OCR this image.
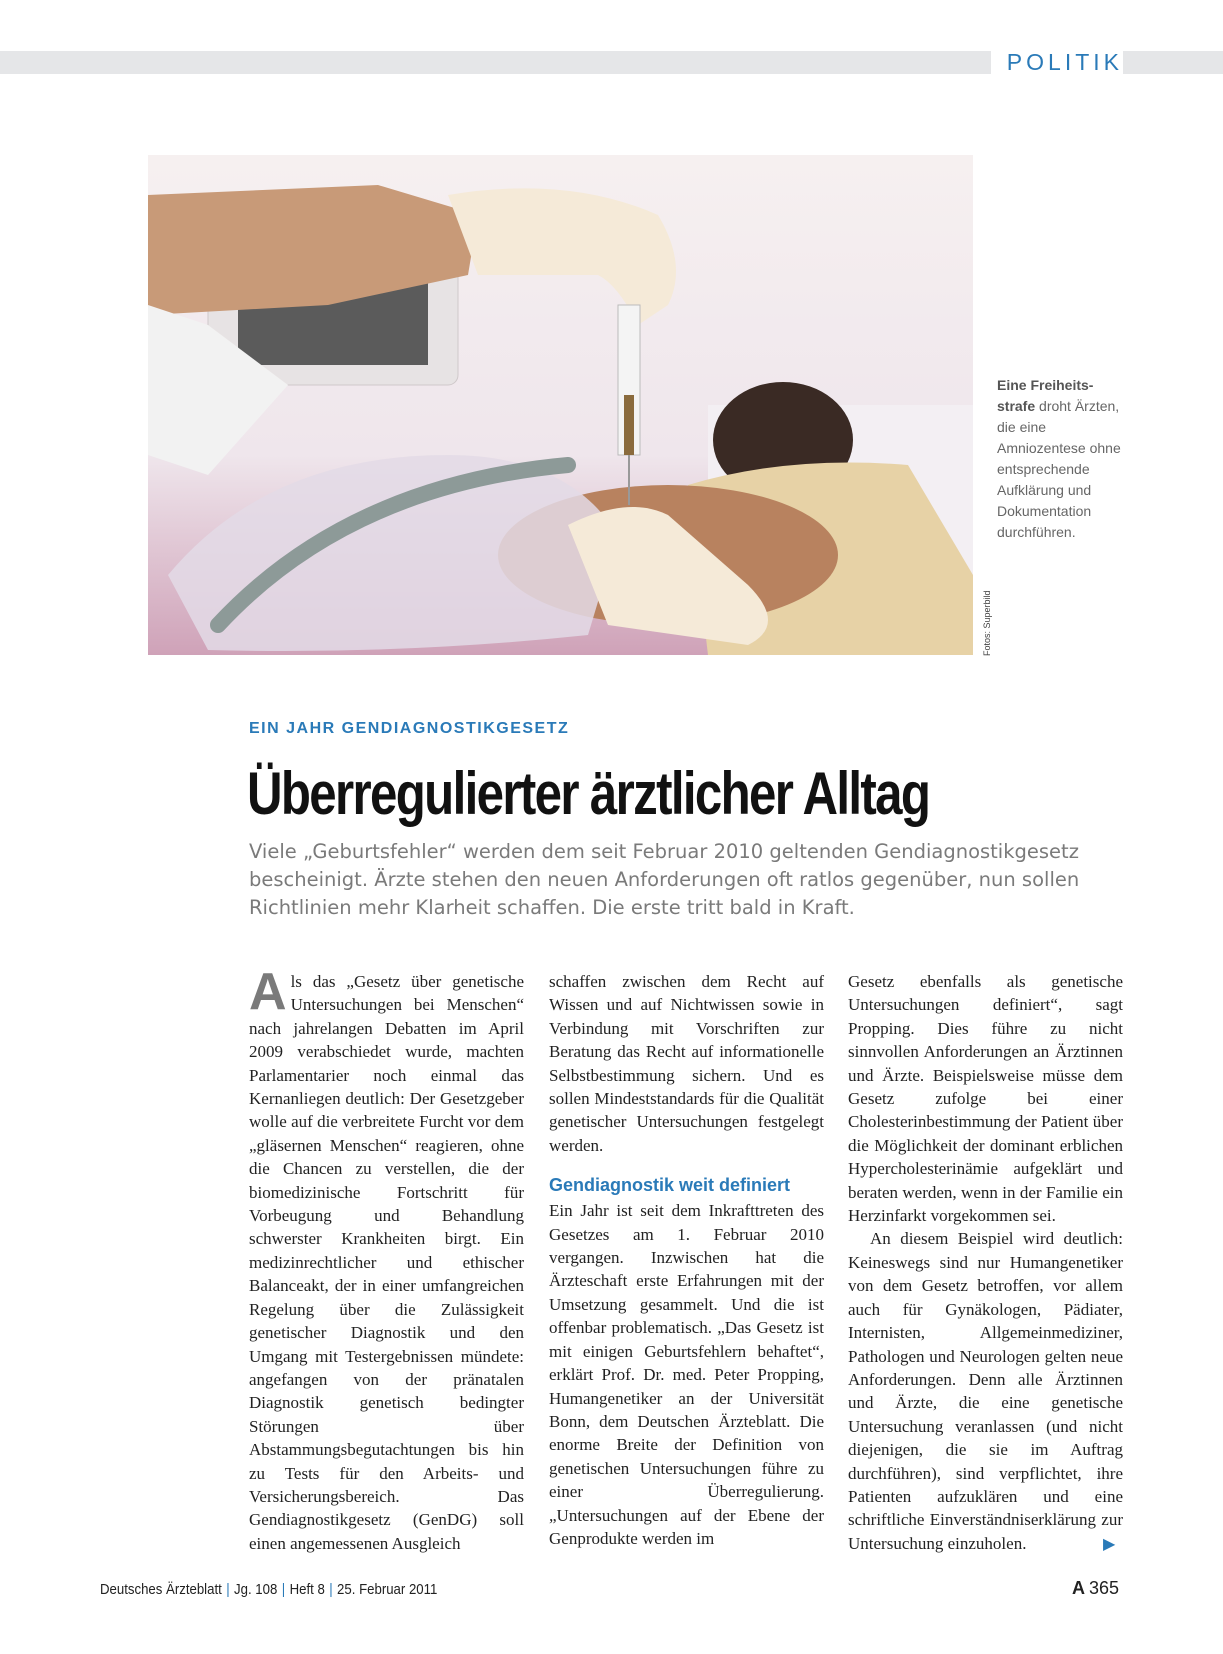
POLITIK
Eine Freiheits-strafe droht Ärzten, die eine Amniozentese ohne entsprechende Aufklärung und Dokumentation durchführen.
Fotos: Superbild
EIN JAHR GENDIAGNOSTIKGESETZ
Überregulierter ärztlicher Alltag
Viele „Geburtsfehler“ werden dem seit Februar 2010 geltenden Gendiagnostikgesetz bescheinigt. Ärzte stehen den neuen Anforderungen oft ratlos gegenüber, nun sollen Richtlinien mehr Klarheit schaffen. Die erste tritt bald in Kraft.

A ls das „Gesetz über genetische Untersuchungen bei Menschen“ nach jahrelangen Debatten im April 2009 verabschiedet wurde, machten Parlamentarier noch einmal das Kernanliegen deutlich: Der Gesetzgeber wolle auf die verbreitete Furcht vor dem „gläsernen Menschen“ reagieren, ohne die Chancen zu verstellen, die der biomedizinische Fortschritt für Vorbeugung und Behandlung schwerster Krankheiten birgt. Ein medizinrechtlicher und ethischer Balanceakt, der in einer umfangreichen Regelung über die Zulässigkeit genetischer Diagnostik und den Umgang mit Testergebnissen mündete: angefangen von der pränatalen Diagnostik genetisch bedingter Störungen über Abstammungsbegutachtungen bis hin zu Tests für den Arbeits- und Versicherungsbereich. Das Gendiagnostikgesetz (GenDG) soll einen angemessenen Ausgleich

schaffen zwischen dem Recht auf Wissen und auf Nichtwissen sowie in Verbindung mit Vorschriften zur Beratung das Recht auf informationelle Selbstbestimmung sichern. Und es sollen Mindeststandards für die Qualität genetischer Untersuchungen festgelegt werden.

Gendiagnostik weit definiert

Ein Jahr ist seit dem Inkrafttreten des Gesetzes am 1. Februar 2010 vergangen. Inzwischen hat die Ärzteschaft erste Erfahrungen mit der Umsetzung gesammelt. Und die ist offenbar problematisch. „Das Gesetz ist mit einigen Geburtsfehlern behaftet“, erklärt Prof. Dr. med. Peter Propping, Humangenetiker an der Universität Bonn, dem Deutschen Ärzteblatt. Die enorme Breite der Definition von genetischen Untersuchungen führe zu einer Überregulierung. „Untersuchungen auf der Ebene der Genprodukte werden im

Gesetz ebenfalls als genetische Untersuchungen definiert“, sagt Propping. Dies führe zu nicht sinnvollen Anforderungen an Ärztinnen und Ärzte. Beispielsweise müsse dem Gesetz zufolge bei einer Cholesterinbestimmung der Patient über die Möglichkeit der dominant erblichen Hypercholesterinämie aufgeklärt und beraten werden, wenn in der Familie ein Herzinfarkt vorgekommen sei.

An diesem Beispiel wird deutlich: Keineswegs sind nur Humangenetiker von dem Gesetz betroffen, vor allem auch für Gynäkologen, Pädiater, Internisten, Allgemeinmediziner, Pathologen und Neurologen gelten neue Anforderungen. Denn alle Ärztinnen und Ärzte, die eine genetische Untersuchung veranlassen (und nicht diejenigen, die sie im Auftrag durchführen), sind verpflichtet, ihre Patienten aufzuklären und eine schriftliche Einverständniserklärung zur Untersuchung einzuholen.	▶
Deutsches Ärzteblatt | Jg. 108 | Heft 8 | 25. Februar 2011	A 365
